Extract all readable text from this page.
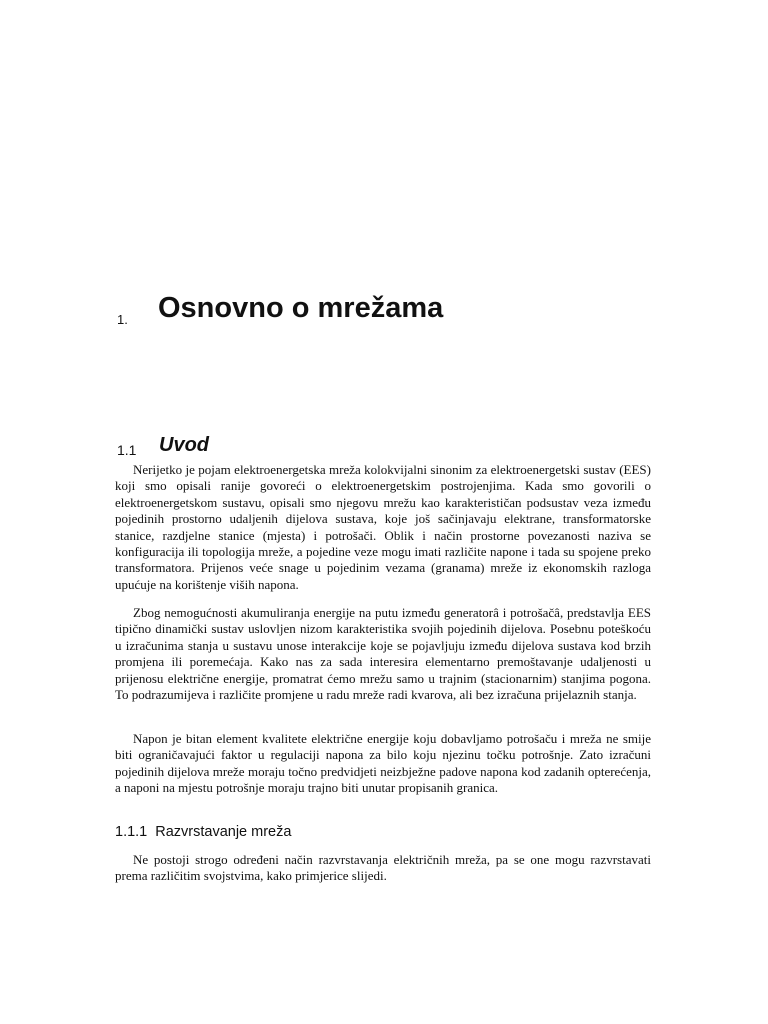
1. Osnovno o mrežama
1.1 Uvod

Nerijetko je pojam elektroenergetska mreža kolokvijalni sinonim za elektroenergetski sustav (EES) koji smo opisali ranije govoreći o elektroenergetskim postrojenjima. Kada smo govorili o elektroenergetskom sustavu, opisali smo njegovu mrežu kao karakterističan podsustav veza između pojedinih prostorno udaljenih dijelova sustava, koje još sačinjavaju elektrane, transformatorske stanice, razdjelne stanice (mjesta) i potrošači. Oblik i način prostorne povezanosti naziva se konfiguracija ili topologija mreže, a pojedine veze mogu imati različite napone i tada su spojene preko transformatora. Prijenos veće snage u pojedinim vezama (granama) mreže iz ekonomskih razloga upućuje na korištenje viših napona.

Zbog nemogućnosti akumuliranja energije na putu između generatorâ i potrošačâ, predstavlja EES tipično dinamički sustav uslovljen nizom karakteristika svojih pojedinih dijelova. Posebnu poteškoću u izračunima stanja u sustavu unose interakcije koje se pojavljuju između dijelova sustava kod brzih promjena ili poremećaja. Kako nas za sada interesira elementarno premoštavanje udaljenosti u prijenosu električne energije, promatrat ćemo mrežu samo u trajnim (stacionarnim) stanjima pogona. To podrazumijeva i različite promjene u radu mreže radi kvarova, ali bez izračuna prijelaznih stanja.

Napon je bitan element kvalitete električne energije koju dobavljamo potrošaču i mreža ne smije biti ograničavajući faktor u regulaciji napona za bilo koju njezinu točku potrošnje. Zato izračuni pojedinih dijelova mreže moraju točno predvidjeti neizbježne padove napona kod zadanih opterećenja, a naponi na mjestu potrošnje moraju trajno biti unutar propisanih granica.

1.1.1 Razvrstavanje mreža

Ne postoji strogo određeni način razvrstavanja električnih mreža, pa se one mogu razvrstavati prema različitim svojstvima, kako primjerice slijedi.
